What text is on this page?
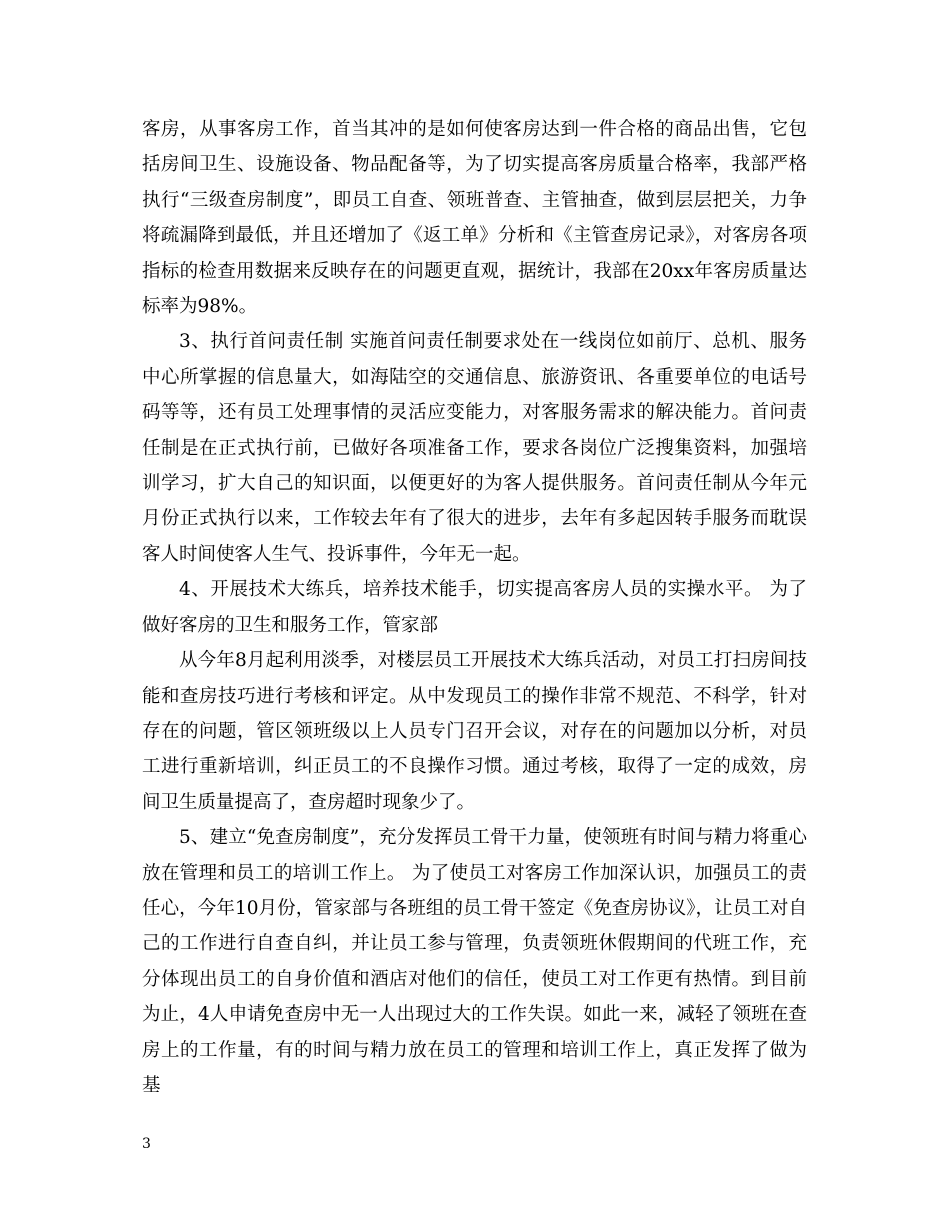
客房，从事客房工作，首当其冲的是如何使客房达到一件合格的商品出售，它包括房间卫生、设施设备、物品配备等，为了切实提高客房质量合格率，我部严格执行“三级查房制度”，即员工自查、领班普查、主管抽查，做到层层把关，力争将疏漏降到最低，并且还增加了《返工单》分析和《主管查房记录》，对客房各项指标的检查用数据来反映存在的问题更直观，据统计，我部在20xx年客房质量达标率为98%。

3、执行首问责任制 实施首问责任制要求处在一线岗位如前厅、总机、服务中心所掌握的信息量大，如海陆空的交通信息、旅游资讯、各重要单位的电话号码等等，还有员工处理事情的灵活应变能力，对客服务需求的解决能力。首问责任制是在正式执行前，已做好各项准备工作，要求各岗位广泛搜集资料，加强培训学习，扩大自己的知识面，以便更好的为客人提供服务。首问责任制从今年元月份正式执行以来，工作较去年有了很大的进步，去年有多起因转手服务而耽误客人时间使客人生气、投诉事件，今年无一起。

4、开展技术大练兵，培养技术能手，切实提高客房人员的实操水平。 为了做好客房的卫生和服务工作，管家部

从今年8月起利用淡季，对楼层员工开展技术大练兵活动，对员工打扫房间技能和查房技巧进行考核和评定。从中发现员工的操作非常不规范、不科学，针对存在的问题，管区领班级以上人员专门召开会议，对存在的问题加以分析，对员工进行重新培训，纠正员工的不良操作习惯。通过考核，取得了一定的成效，房间卫生质量提高了，查房超时现象少了。

5、建立“免查房制度”，充分发挥员工骨干力量，使领班有时间与精力将重心放在管理和员工的培训工作上。 为了使员工对客房工作加深认识，加强员工的责任心，今年10月份，管家部与各班组的员工骨干签定《免查房协议》，让员工对自己的工作进行自查自纠，并让员工参与管理，负责领班休假期间的代班工作，充分体现出员工的自身价值和酒店对他们的信任，使员工对工作更有热情。到目前为止，4人申请免查房中无一人出现过大的工作失误。如此一来，减轻了领班在查房上的工作量，有的时间与精力放在员工的管理和培训工作上，真正发挥了做为基

3
